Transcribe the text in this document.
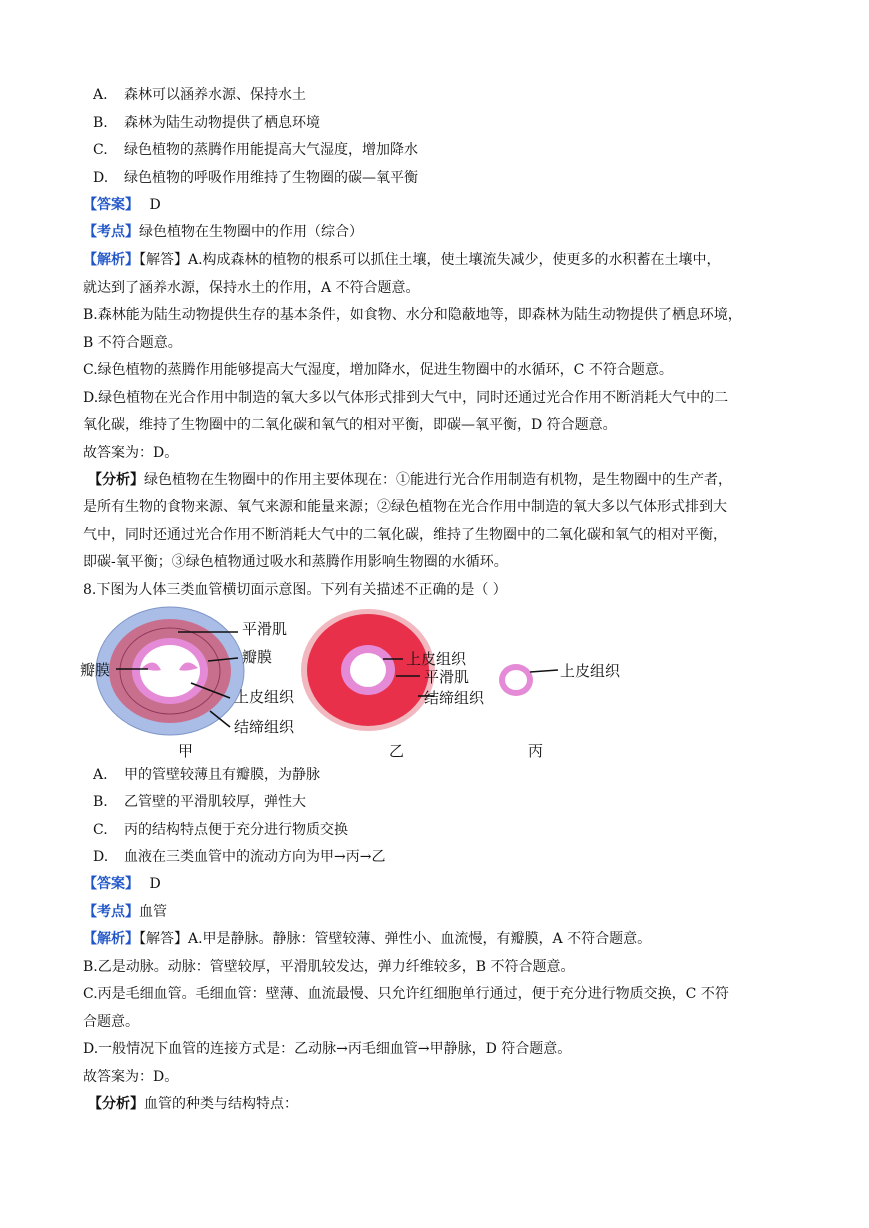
A. 森林可以涵养水源、保持水土
B. 森林为陆生动物提供了栖息环境
C. 绿色植物的蒸腾作用能提高大气湿度，增加降水
D. 绿色植物的呼吸作用维持了生物圈的碳—氧平衡
【答案】 D
【考点】绿色植物在生物圈中的作用（综合）
【解析】【解答】A.构成森林的植物的根系可以抓住土壤，使土壤流失减少，使更多的水积蓄在土壤中，
就达到了涵养水源，保持水土的作用，A 不符合题意。
B.森林能为陆生动物提供生存的基本条件，如食物、水分和隐蔽地等，即森林为陆生动物提供了栖息环境，
B 不符合题意。
C.绿色植物的蒸腾作用能够提高大气湿度，增加降水，促进生物圈中的水循环，C 不符合题意。
D.绿色植物在光合作用中制造的氧大多以气体形式排到大气中，同时还通过光合作用不断消耗大气中的二
氧化碳，维持了生物圈中的二氧化碳和氧气的相对平衡，即碳—氧平衡，D 符合题意。
故答案为：D。
【分析】绿色植物在生物圈中的作用主要体现在：①能进行光合作用制造有机物，是生物圈中的生产者，
是所有生物的食物来源、氧气来源和能量来源；②绿色植物在光合作用中制造的氧大多以气体形式排到大
气中，同时还通过光合作用不断消耗大气中的二氧化碳，维持了生物圈中的二氧化碳和氧气的相对平衡，
即碳-氧平衡；③绿色植物通过吸水和蒸腾作用影响生物圈的水循环。
8.下图为人体三类血管横切面示意图。下列有关描述不正确的是（ ）
平滑肌
瓣膜
瓣膜
上皮组织
结缔组织
上皮组织
平滑肌
结缔组织
上皮组织
甲	乙	丙
A. 甲的管壁较薄且有瓣膜，为静脉
B. 乙管壁的平滑肌较厚，弹性大
C. 丙的结构特点便于充分进行物质交换
D. 血液在三类血管中的流动方向为甲→丙→乙
【答案】 D
【考点】血管
【解析】【解答】A.甲是静脉。静脉：管壁较薄、弹性小、血流慢，有瓣膜，A 不符合题意。
B.乙是动脉。动脉：管壁较厚，平滑肌较发达，弹力纤维较多，B 不符合题意。
C.丙是毛细血管。毛细血管：壁薄、血流最慢、只允许红细胞单行通过，便于充分进行物质交换，C 不符
合题意。
D.一般情况下血管的连接方式是：乙动脉→丙毛细血管→甲静脉，D 符合题意。
故答案为：D。
【分析】血管的种类与结构特点：
